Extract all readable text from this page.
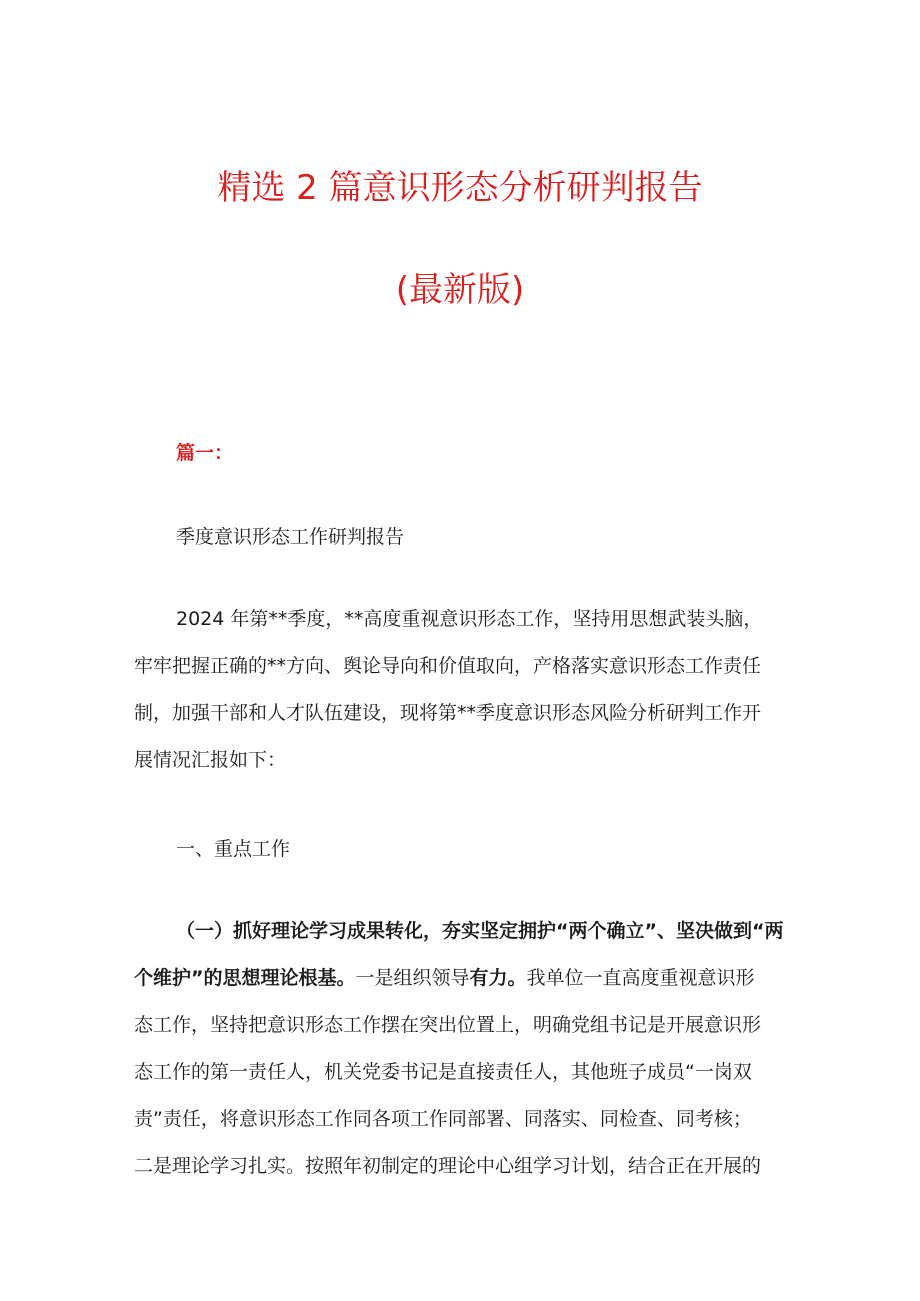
精选 2 篇意识形态分析研判报告
(最新版)
篇一：
季度意识形态工作研判报告
2024 年第**季度，**高度重视意识形态工作，坚持用思想武装头脑，
牢牢把握正确的**方向、舆论导向和价值取向，产格落实意识形态工作责任
制，加强干部和人才队伍建设，现将第**季度意识形态风险分析研判工作开
展情况汇报如下：
一、重点工作
（一）抓好理论学习成果转化，夯实坚定拥护“两个确立”、坚决做到“两
个维护”的思想理论根基。一是组织领导有力。我单位一直高度重视意识形
态工作，坚持把意识形态工作摆在突出位置上，明确党组书记是开展意识形
态工作的第一责任人，机关党委书记是直接责任人，其他班子成员“一岗双
责”责任，将意识形态工作同各项工作同部署、同落实、同检查、同考核；
二是理论学习扎实。按照年初制定的理论中心组学习计划，结合正在开展的
